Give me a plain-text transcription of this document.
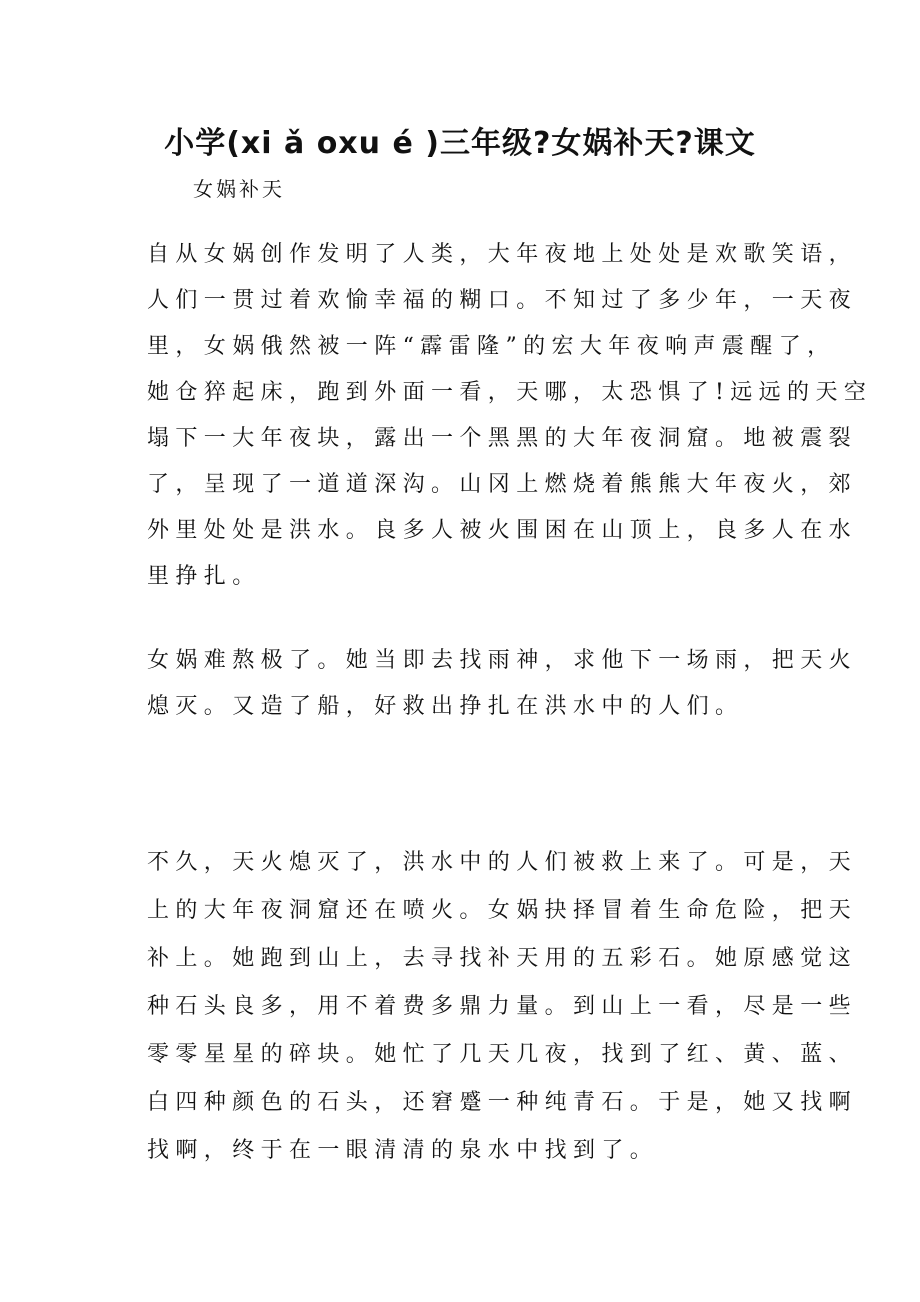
小学(xi ǎ oxu é )三年级?女娲补天?课文
女娲补天
自从女娲创作发明了人类，大年夜地上处处是欢歌笑语，
人们一贯过着欢愉幸福的糊口。不知过了多少年，一天夜
里，女娲俄然被一阵“霹雷隆”的宏大年夜响声震醒了，
她仓猝起床，跑到外面一看，天哪，太恐惧了!远远的天空
塌下一大年夜块，露出一个黑黑的大年夜洞窟。地被震裂
了，呈现了一道道深沟。山冈上燃烧着熊熊大年夜火，郊
外里处处是洪水。良多人被火围困在山顶上，良多人在水
里挣扎。
女娲难熬极了。她当即去找雨神，求他下一场雨，把天火
熄灭。又造了船，好救出挣扎在洪水中的人们。
不久，天火熄灭了，洪水中的人们被救上来了。可是，天
上的大年夜洞窟还在喷火。女娲抉择冒着生命危险，把天
补上。她跑到山上，去寻找补天用的五彩石。她原感觉这
种石头良多，用不着费多鼎力量。到山上一看，尽是一些
零零星星的碎块。她忙了几天几夜，找到了红、黄、蓝、
白四种颜色的石头，还窘蹙一种纯青石。于是，她又找啊
找啊，终于在一眼清清的泉水中找到了。
